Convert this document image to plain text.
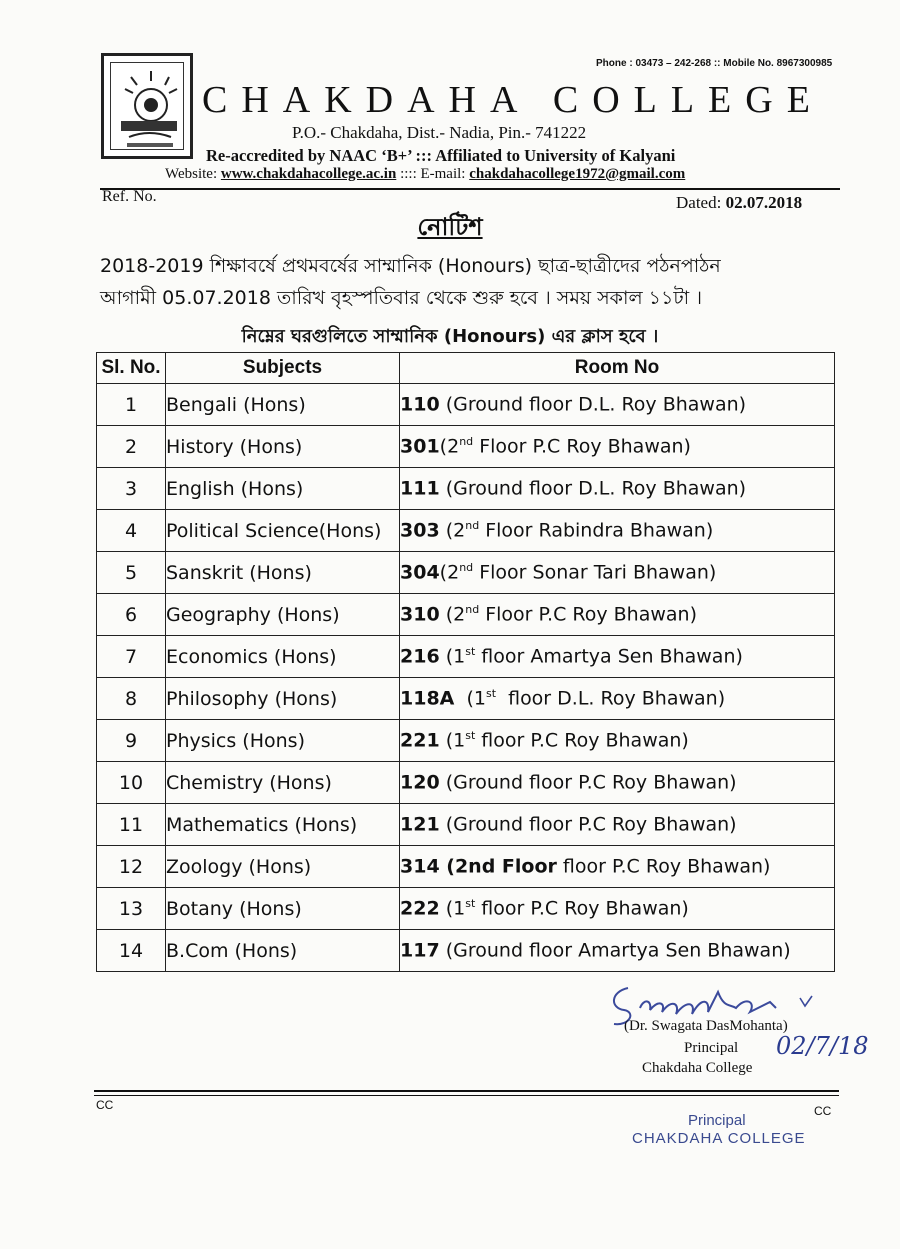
Phone : 03473 – 242-268 :: Mobile No. 8967300985
CHAKDAHA COLLEGE
P.O.- Chakdaha, Dist.- Nadia, Pin.- 741222
Re-accredited by NAAC ‘B+’ ::: Affiliated to University of Kalyani
Website: www.chakdahacollege.ac.in :::: E-mail: chakdahacollege1972@gmail.com
Ref. No.	Dated: 02.07.2018
নোটিশ
2018-2019 শিক্ষাবর্ষে প্রথমবর্ষের সাম্মানিক (Honours) ছাত্র-ছাত্রীদের পঠনপাঠন
আগামী 05.07.2018 তারিখ বৃহস্পতিবার থেকে শুরু হবে । সময় সকাল ১১টা ।
নিম্নের ঘরগুলিতে সাম্মানিক (Honours) এর ক্লাস হবে ।
Sl. No.	Subjects	Room No
1	Bengali (Hons)	110 (Ground floor D.L. Roy Bhawan)
2	History (Hons)	301(2nd Floor P.C Roy Bhawan)
3	English (Hons)	111 (Ground floor D.L. Roy Bhawan)
4	Political Science(Hons)	303 (2nd Floor Rabindra Bhawan)
5	Sanskrit (Hons)	304(2nd Floor Sonar Tari Bhawan)
6	Geography (Hons)	310 (2nd Floor P.C Roy Bhawan)
7	Economics (Hons)	216 (1st floor Amartya Sen Bhawan)
8	Philosophy (Hons)	118A  (1st  floor D.L. Roy Bhawan)
9	Physics (Hons)	221 (1st floor P.C Roy Bhawan)
10	Chemistry (Hons)	120 (Ground floor P.C Roy Bhawan)
11	Mathematics (Hons)	121 (Ground floor P.C Roy Bhawan)
12	Zoology (Hons)	314 (2nd Floor floor P.C Roy Bhawan)
13	Botany (Hons)	222 (1st floor P.C Roy Bhawan)
14	B.Com (Hons)	117 (Ground floor Amartya Sen Bhawan)
(Dr. Swagata DasMohanta)
Principal
Chakdaha College
02/7/18
CC	CC
Principal
CHAKDAHA COLLEGE
